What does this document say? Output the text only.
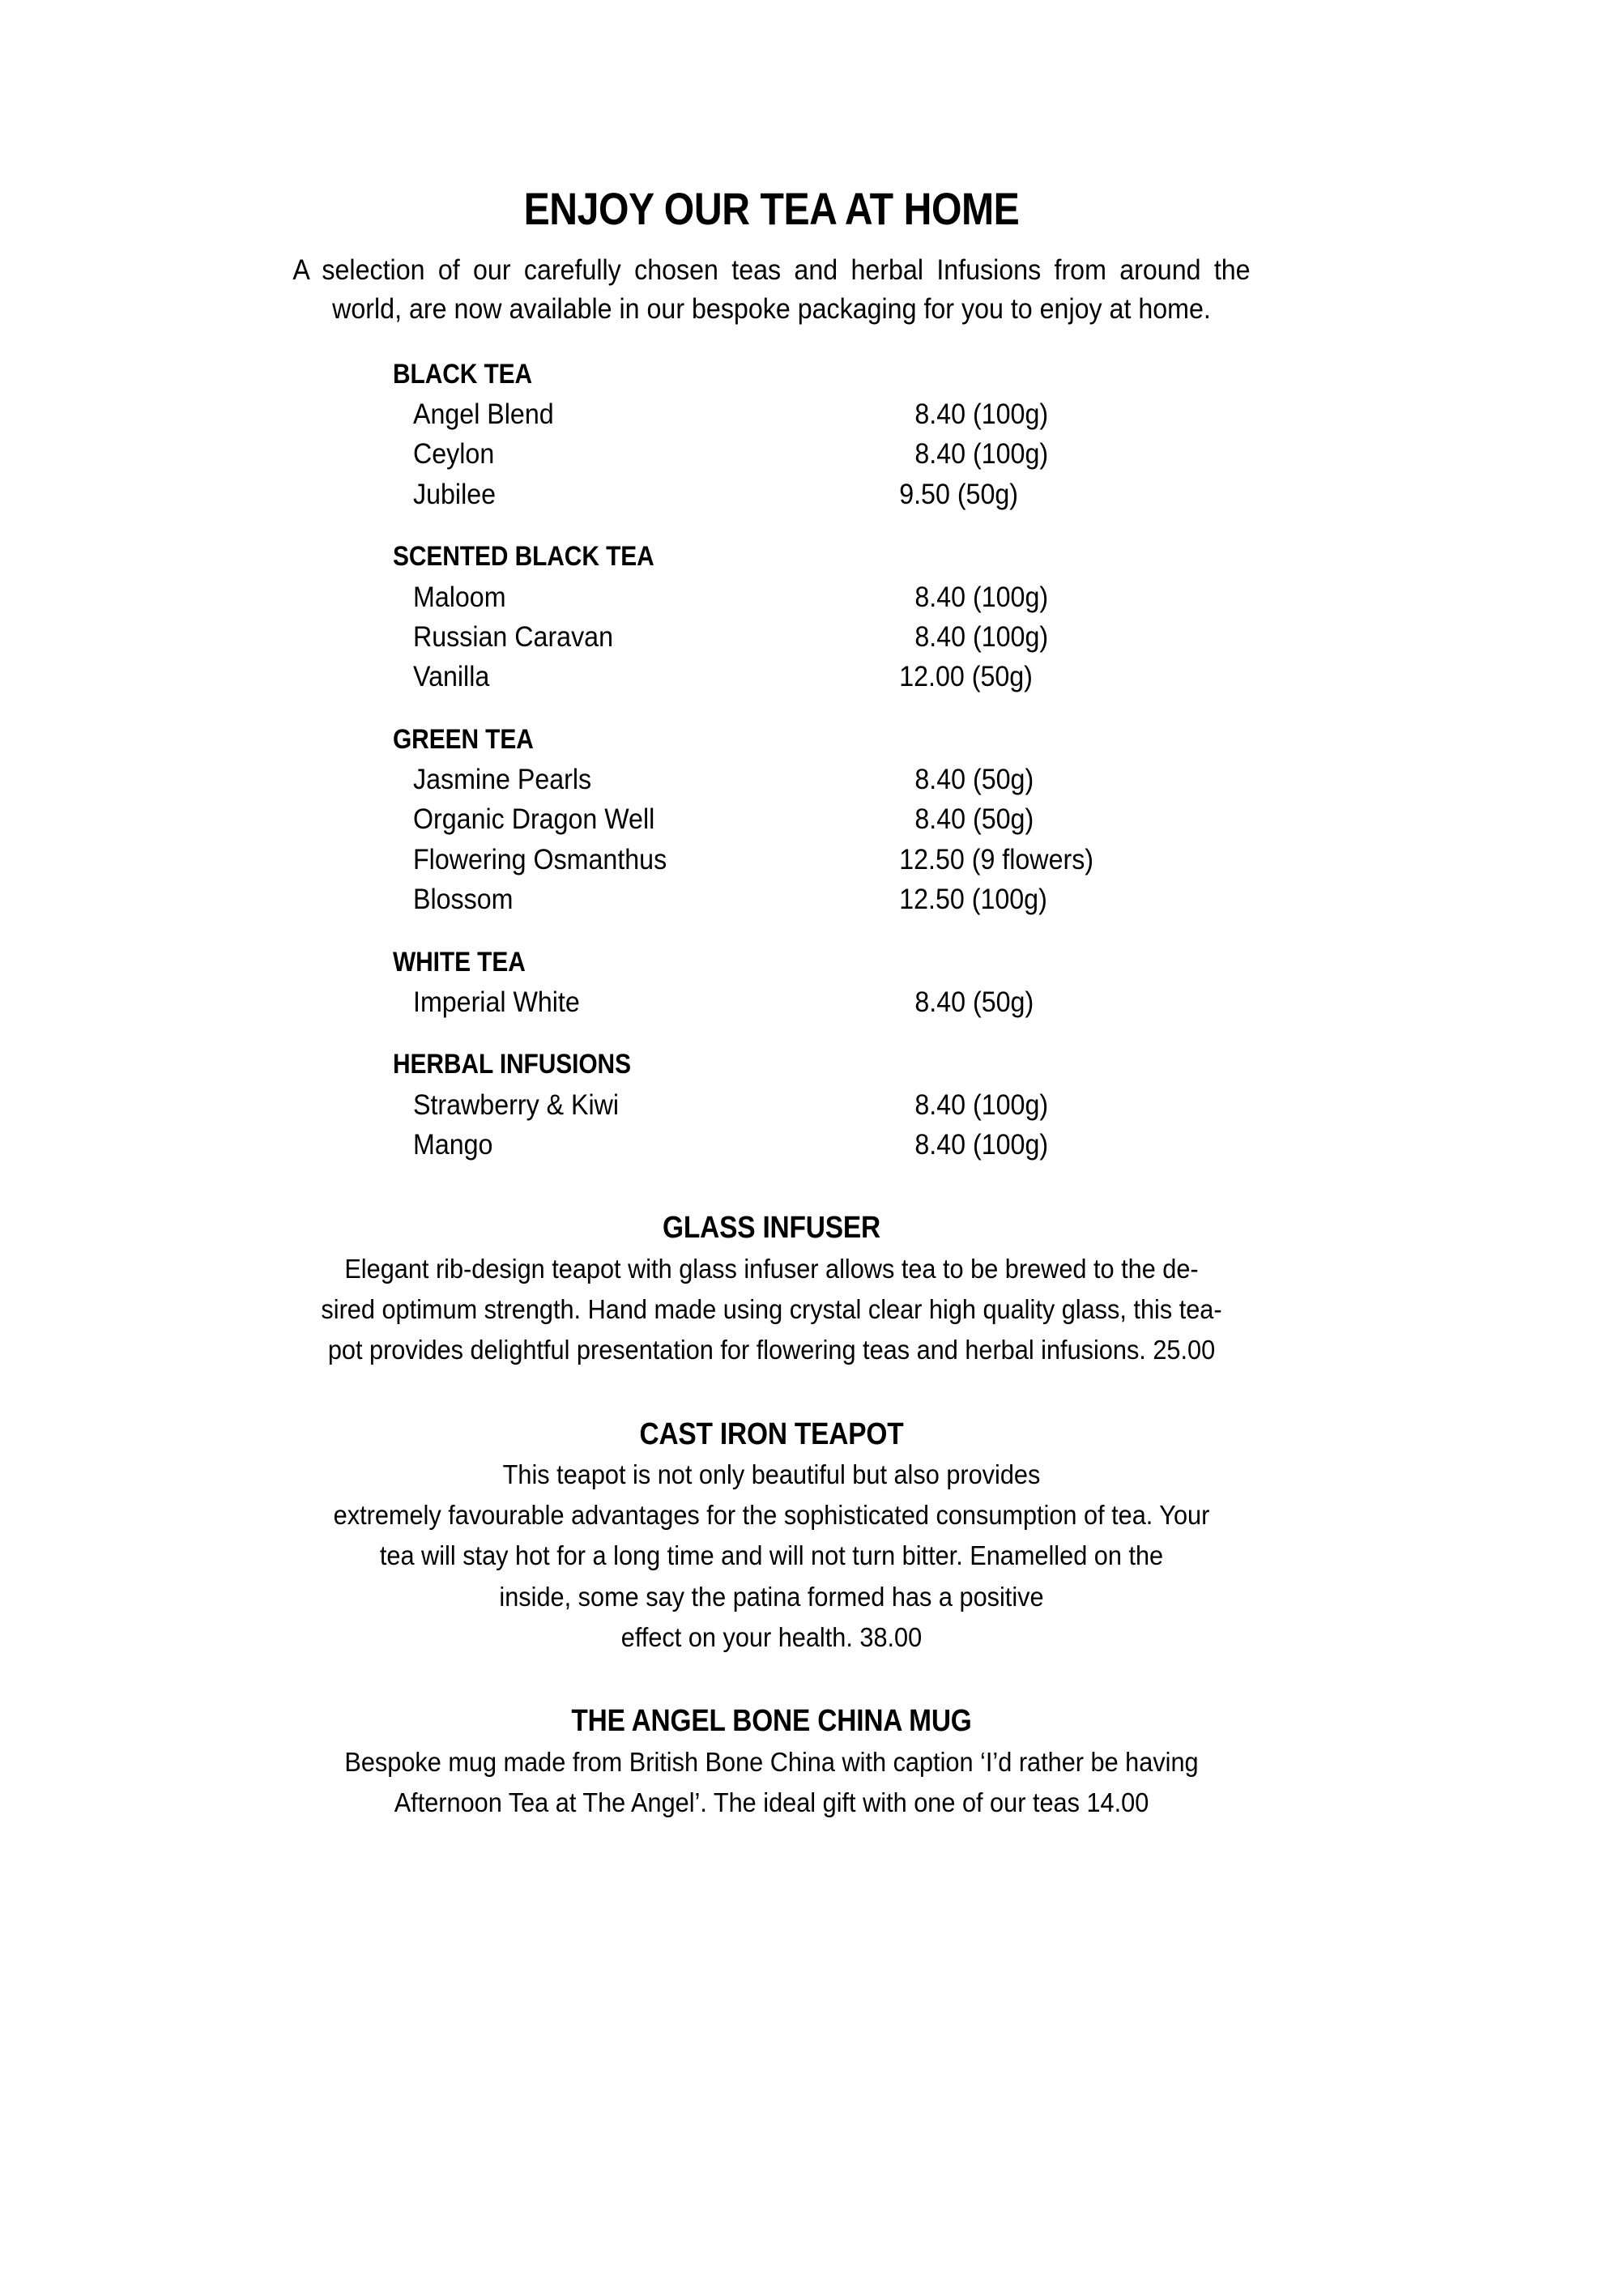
ENJOY OUR TEA AT HOME

A selection of our carefully chosen teas and herbal Infusions from around the world, are now available in our bespoke packaging for you to enjoy at home.

BLACK TEA
Angel Blend	8.40 (100g)
Ceylon	8.40 (100g)
Jubilee	9.50 (50g)
SCENTED BLACK TEA
Maloom	8.40 (100g)
Russian Caravan	8.40 (100g)
Vanilla	12.00 (50g)
GREEN TEA
Jasmine Pearls	8.40 (50g)
Organic Dragon Well	8.40 (50g)
Flowering Osmanthus	12.50 (9 flowers)
Blossom	12.50 (100g)
WHITE TEA
Imperial White	8.40 (50g)
HERBAL INFUSIONS
Strawberry & Kiwi	8.40 (100g)
Mango	8.40 (100g)
GLASS INFUSER
Elegant rib-design teapot with glass infuser allows tea to be brewed to the de-
sired optimum strength. Hand made using crystal clear high quality glass, this tea-
pot provides delightful presentation for flowering teas and herbal infusions. 25.00
CAST IRON TEAPOT
This teapot is not only beautiful but also provides
extremely favourable advantages for the sophisticated consumption of tea. Your
tea will stay hot for a long time and will not turn bitter. Enamelled on the
inside, some say the patina formed has a positive
effect on your health. 38.00
THE ANGEL BONE CHINA MUG
Bespoke mug made from British Bone China with caption ‘I’d rather be having
Afternoon Tea at The Angel’. The ideal gift with one of our teas 14.00
